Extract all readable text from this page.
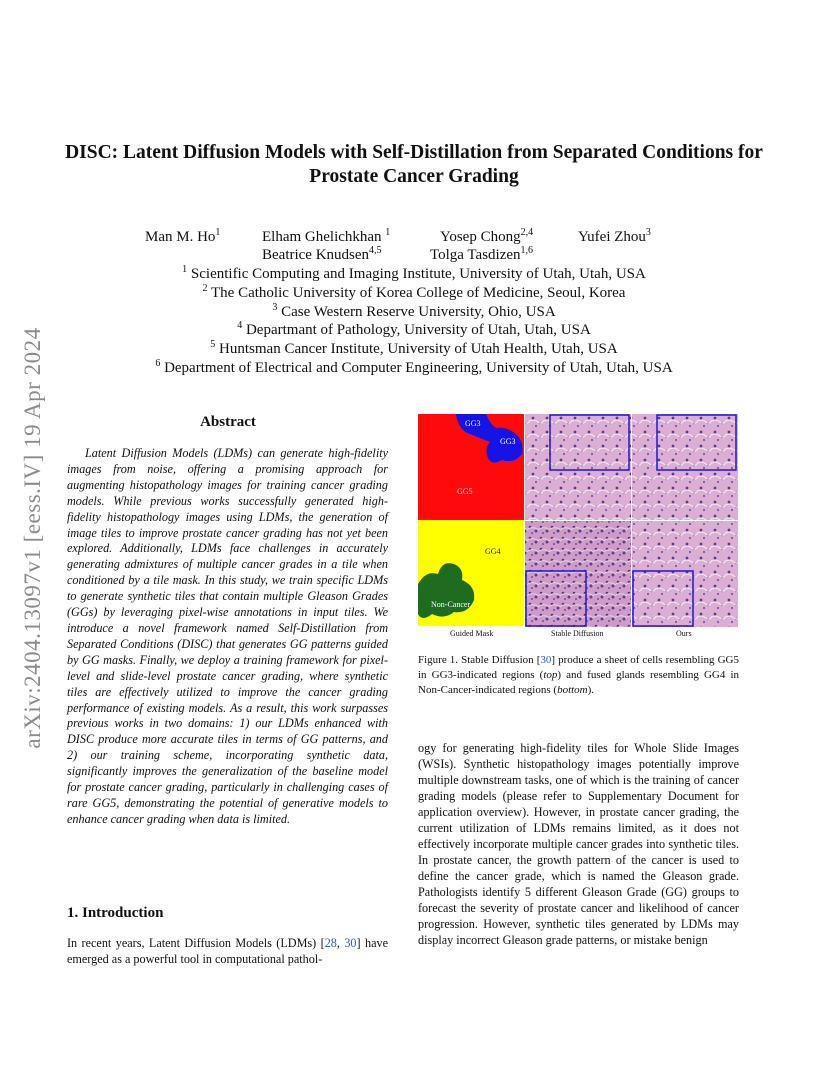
arXiv:2404.13097v1 [eess.IV] 19 Apr 2024
DISC: Latent Diffusion Models with Self-Distillation from Separated Conditions for Prostate Cancer Grading
Man M. Ho$^1$	Elham Ghelichkhan $^1$	Yosep Chong$^{2,4}$	Yufei Zhou$^3$
Beatrice Knudsen$^{4,5}$	Tolga Tasdizen$^{1,6}$
$^1$ Scientific Computing and Imaging Institute, University of Utah, Utah, USA
$^2$ The Catholic University of Korea College of Medicine, Seoul, Korea
$^3$ Case Western Reserve University, Ohio, USA
$^4$ Departmant of Pathology, University of Utah, Utah, USA
$^5$ Huntsman Cancer Institute, University of Utah Health, Utah, USA
$^6$ Department of Electrical and Computer Engineering, University of Utah, Utah, USA
Abstract
Latent Diffusion Models (LDMs) can generate high-fidelity images from noise, offering a promising approach for augmenting histopathology images for training cancer grading models. While previous works successfully generated high-fidelity histopathology images using LDMs, the generation of image tiles to improve prostate cancer grading has not yet been explored. Additionally, LDMs face challenges in accurately generating admixtures of multiple cancer grades in a tile when conditioned by a tile mask. In this study, we train specific LDMs to generate synthetic tiles that contain multiple Gleason Grades (GGs) by leveraging pixel-wise annotations in input tiles. We introduce a novel framework named Self-Distillation from Separated Conditions (DISC) that generates GG patterns guided by GG masks. Finally, we deploy a training framework for pixel-level and slide-level prostate cancer grading, where synthetic tiles are effectively utilized to improve the cancer grading performance of existing models. As a result, this work surpasses previous works in two domains: 1) our LDMs enhanced with DISC produce more accurate tiles in terms of GG patterns, and 2) our training scheme, incorporating synthetic data, significantly improves the generalization of the baseline model for prostate cancer grading, particularly in challenging cases of rare GG5, demonstrating the potential of generative models to enhance cancer grading when data is limited.
1. Introduction
In recent years, Latent Diffusion Models (LDMs) [28, 30] have emerged as a powerful tool in computational pathol-
GG3
GG3
GG5
GG4
Non-Cancer
Guided Mask	Stable Diffusion	Ours
Figure 1. Stable Diffusion [30] produce a sheet of cells resembling GG5 in GG3-indicated regions (top) and fused glands resembling GG4 in Non-Cancer-indicated regions (bottom).
ogy for generating high-fidelity tiles for Whole Slide Images (WSIs). Synthetic histopathology images potentially improve multiple downstream tasks, one of which is the training of cancer grading models (please refer to Supplementary Document for application overview). However, in prostate cancer grading, the current utilization of LDMs remains limited, as it does not effectively incorporate multiple cancer grades into synthetic tiles. In prostate cancer, the growth pattern of the cancer is used to define the cancer grade, which is named the Gleason grade. Pathologists identify 5 different Gleason Grade (GG) groups to forecast the severity of prostate cancer and likelihood of cancer progression. However, synthetic tiles generated by LDMs may display incorrect Gleason grade patterns, or mistake benign
